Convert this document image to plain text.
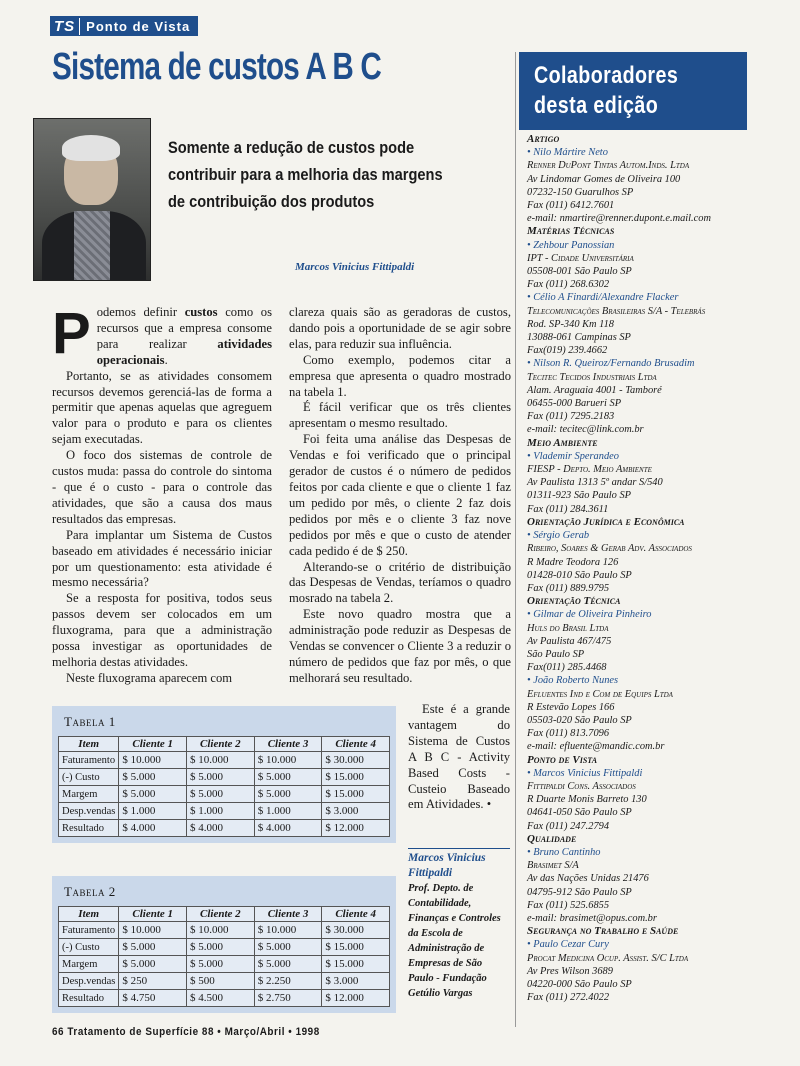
TS Ponto de Vista
Sistema de custos A B C
Somente a redução de custos pode
contribuir para a melhoria das margens
de contribuição dos produtos
Marcos Vinicius Fittipaldi

Podemos definir custos como os recursos que a empresa consome para realizar atividades operacionais.

Portanto, se as atividades consomem recursos devemos gerenciá-las de forma a permitir que apenas aquelas que agreguem valor para o produto e para os clientes sejam executadas.

O foco dos sistemas de controle de custos muda: passa do controle do sintoma - que é o custo - para o controle das atividades, que são a causa dos maus resultados das empresas.

Para implantar um Sistema de Custos baseado em atividades é necessário iniciar por um questionamento: esta atividade é mesmo necessária?

Se a resposta for positiva, todos seus passos devem ser colocados em um fluxograma, para que a administração possa investigar as oportunidades de melhoria destas atividades.

Neste fluxograma aparecem com

clareza quais são as geradoras de custos, dando pois a oportunidade de se agir sobre elas, para reduzir sua influência.

Como exemplo, podemos citar a empresa que apresenta o quadro mostrado na tabela 1.

É fácil verificar que os três clientes apresentam o mesmo resultado.

Foi feita uma análise das Despesas de Vendas e foi verificado que o principal gerador de custos é o número de pedidos feitos por cada cliente e que o cliente 1 faz um pedido por mês, o cliente 2 faz dois pedidos por mês e o cliente 3 faz nove pedidos por mês e que o custo de atender cada pedido é de $ 250.

Alterando-se o critério de distribuição das Despesas de Vendas, teríamos o quadro mosrado na tabela 2.

Este novo quadro mostra que a administração pode reduzir as Despesas de Vendas se convencer o Cliente 3 a reduzir o número de pedidos que faz por mês, o que melhorará seu resultado.

Este é a grande vantagem do Sistema de Custos A B C - Activity Based Costs - Custeio Baseado em Atividades. •

Marcos Vinicius Fittipaldi
Prof. Depto. de Contabilidade, Finanças e Controles da Escola de Administração de Empresas de São Paulo - Fundação Getúlio Vargas
Tabela 1
Item	Cliente 1	Cliente 2	Cliente 3	Cliente 4
Faturamento	$ 10.000	$ 10.000	$ 10.000	$ 30.000
(-) Custo	$ 5.000	$ 5.000	$ 5.000	$ 15.000
Margem	$ 5.000	$ 5.000	$ 5.000	$ 15.000
Desp.vendas	$ 1.000	$ 1.000	$ 1.000	$ 3.000
Resultado	$ 4.000	$ 4.000	$ 4.000	$ 12.000
Tabela 2
Item	Cliente 1	Cliente 2	Cliente 3	Cliente 4
Faturamento	$ 10.000	$ 10.000	$ 10.000	$ 30.000
(-) Custo	$ 5.000	$ 5.000	$ 5.000	$ 15.000
Margem	$ 5.000	$ 5.000	$ 5.000	$ 15.000
Desp.vendas	$ 250	$ 500	$ 2.250	$ 3.000
Resultado	$ 4.750	$ 4.500	$ 2.750	$ 12.000
Colaboradores
desta edição
Artigo
• Nilo Mártire Neto
Renner DuPont Tintas Autom.Inds. Ltda
Av Lindomar Gomes de Oliveira 100
07232-150 Guarulhos SP
Fax (011) 6412.7601
e-mail: nmartire@renner.dupont.e.mail.com
Matérias Técnicas
• Zehbour Panossian
IPT - Cidade Universitária
05508-001 São Paulo SP
Fax (011) 268.6302
• Célio A Finardi/Alexandre Flacker
Telecomunicações Brasileiras S/A - Telebrás
Rod. SP-340 Km 118
13088-061 Campinas SP
Fax(019) 239.4662
• Nilson R. Queiroz/Fernando Brusadim
Tecitec Tecidos Industriais Ltda
Alam. Araguaia 4001 - Tamboré
06455-000 Barueri SP
Fax (011) 7295.2183
e-mail: tecitec@link.com.br
Meio Ambiente
• Vlademir Sperandeo
FIESP - Depto. Meio Ambiente
Av Paulista 1313 5º andar S/540
01311-923 São Paulo SP
Fax (011) 284.3611
Orientação Jurídica e Econômica
• Sérgio Gerab
Ribeiro, Soares & Gerab Adv. Associados
R Madre Teodora 126
01428-010 São Paulo SP
Fax (011) 889.9795
Orientação Técnica
• Gilmar de Oliveira Pinheiro
Huls do Brasil Ltda
Av Paulista 467/475
São Paulo SP
Fax(011) 285.4468
• João Roberto Nunes
Efluentes Ind e Com de Equips Ltda
R Estevão Lopes 166
05503-020 São Paulo SP
Fax (011) 813.7096
e-mail: efluente@mandic.com.br
Ponto de Vista
• Marcos Vinicius Fittipaldi
Fittipaldi Cons. Associados
R Duarte Monis Barreto 130
04641-050 São Paulo SP
Fax (011) 247.2794
Qualidade
• Bruno Cantinho
Brasimet S/A
Av das Nações Unidas 21476
04795-912 São Paulo SP
Fax (011) 525.6855
e-mail: brasimet@opus.com.br
Segurança no Trabalho e Saúde
• Paulo Cezar Cury
Procat Medicina Ocup. Assist. S/C Ltda
Av Pres Wilson 3689
04220-000 São Paulo SP
Fax (011) 272.4022
66 Tratamento de Superfície 88 • Março/Abril • 1998
